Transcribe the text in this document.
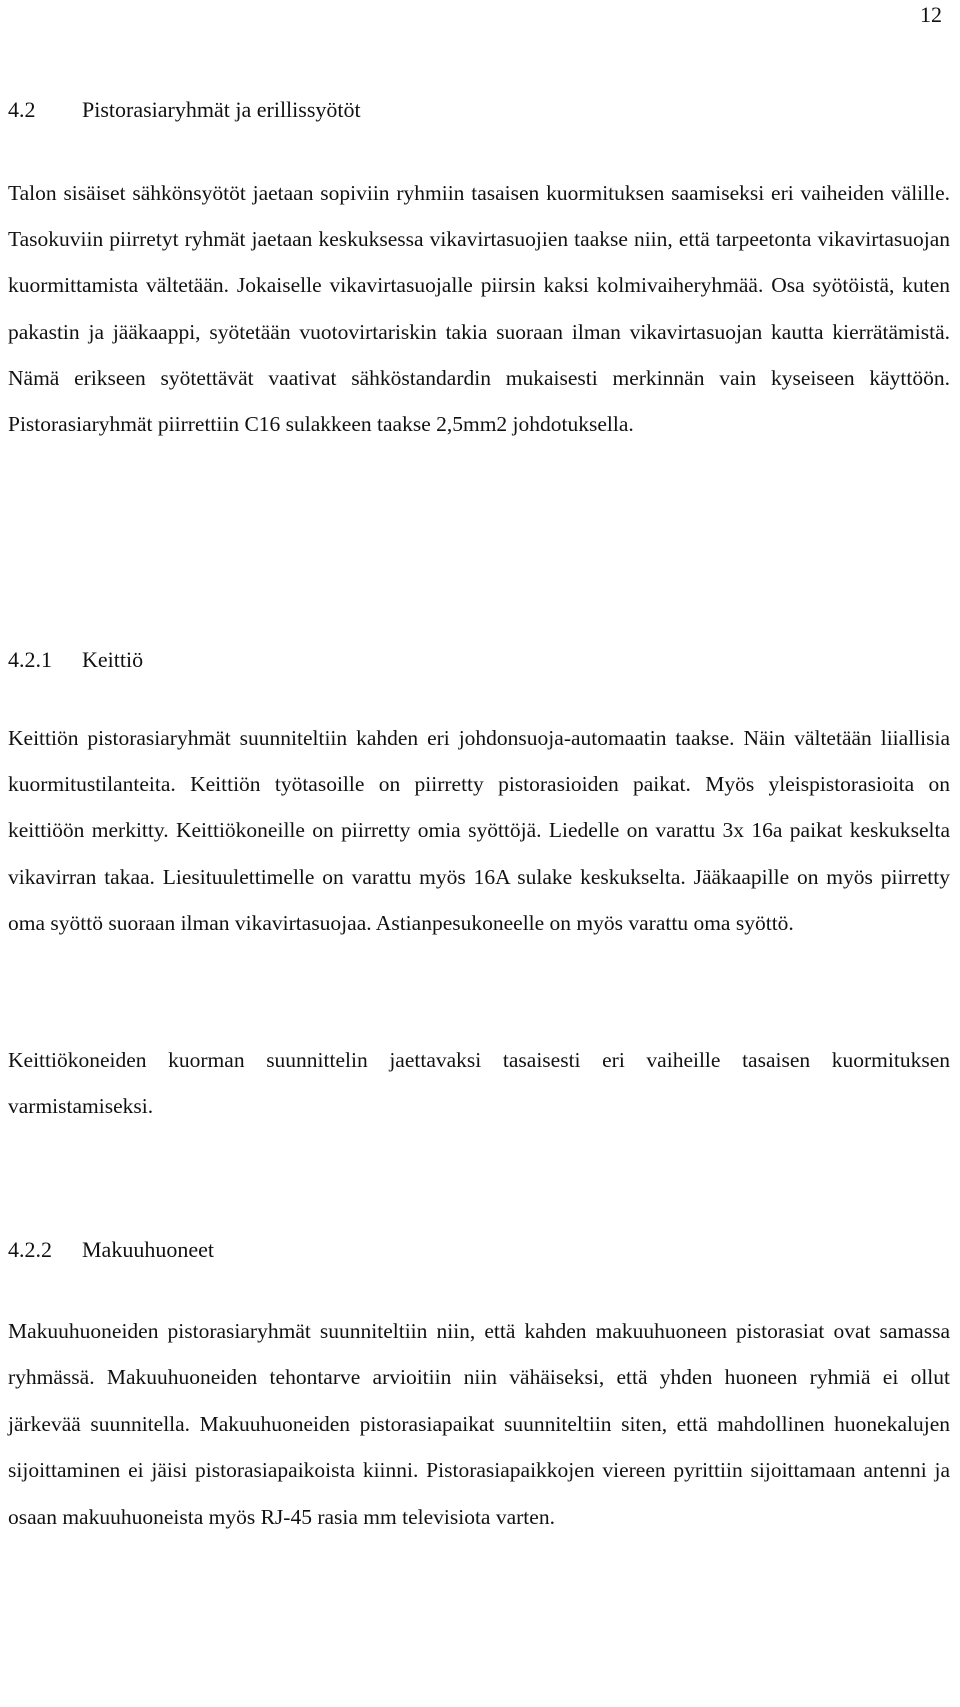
12
4.2 Pistorasiaryhmät ja erillissyötöt

Talon sisäiset sähkönsyötöt jaetaan sopiviin ryhmiin tasaisen kuormituksen saamiseksi eri vaiheiden välille. Tasokuviin piirretyt ryhmät jaetaan keskuksessa vikavirtasuojien taakse niin, että tarpeetonta vikavirtasuojan kuormittamista vältetään. Jokaiselle vikavirtasuojalle piirsin kaksi kolmivaiheryhmää. Osa syötöistä, kuten pakastin ja jääkaappi, syötetään vuotovirtariskin takia suoraan ilman vikavirtasuojan kautta kierrätämistä. Nämä erikseen syötettävät vaativat sähköstandardin mukaisesti merkinnän vain kyseiseen käyttöön. Pistorasiaryhmät piirrettiin C16 sulakkeen taakse 2,5mm2 johdotuksella.

4.2.1 Keittiö

Keittiön pistorasiaryhmät suunniteltiin kahden eri johdonsuoja-automaatin taakse. Näin vältetään liiallisia kuormitustilanteita. Keittiön työtasoille on piirretty pistorasioiden paikat. Myös yleispistorasioita on keittiöön merkitty. Keittiökoneille on piirretty omia syöttöjä. Liedelle on varattu 3x 16a paikat keskukselta vikavirran takaa. Liesituulettimelle on varattu myös 16A sulake keskukselta. Jääkaapille on myös piirretty oma syöttö suoraan ilman vikavirtasuojaa. Astianpesukoneelle on myös varattu oma syöttö.

Keittiökoneiden kuorman suunnittelin jaettavaksi tasaisesti eri vaiheille tasaisen kuormituksen varmistamiseksi.

4.2.2 Makuuhuoneet

Makuuhuoneiden pistorasiaryhmät suunniteltiin niin, että kahden makuuhuoneen pistorasiat ovat samassa ryhmässä. Makuuhuoneiden tehontarve arvioitiin niin vähäiseksi, että yhden huoneen ryhmiä ei ollut järkevää suunnitella. Makuuhuoneiden pistorasiapaikat suunniteltiin siten, että mahdollinen huonekalujen sijoittaminen ei jäisi pistorasiapaikoista kiinni. Pistorasiapaikkojen viereen pyrittiin sijoittamaan antenni ja osaan makuuhuoneista myös RJ-45 rasia mm televisiota varten.
